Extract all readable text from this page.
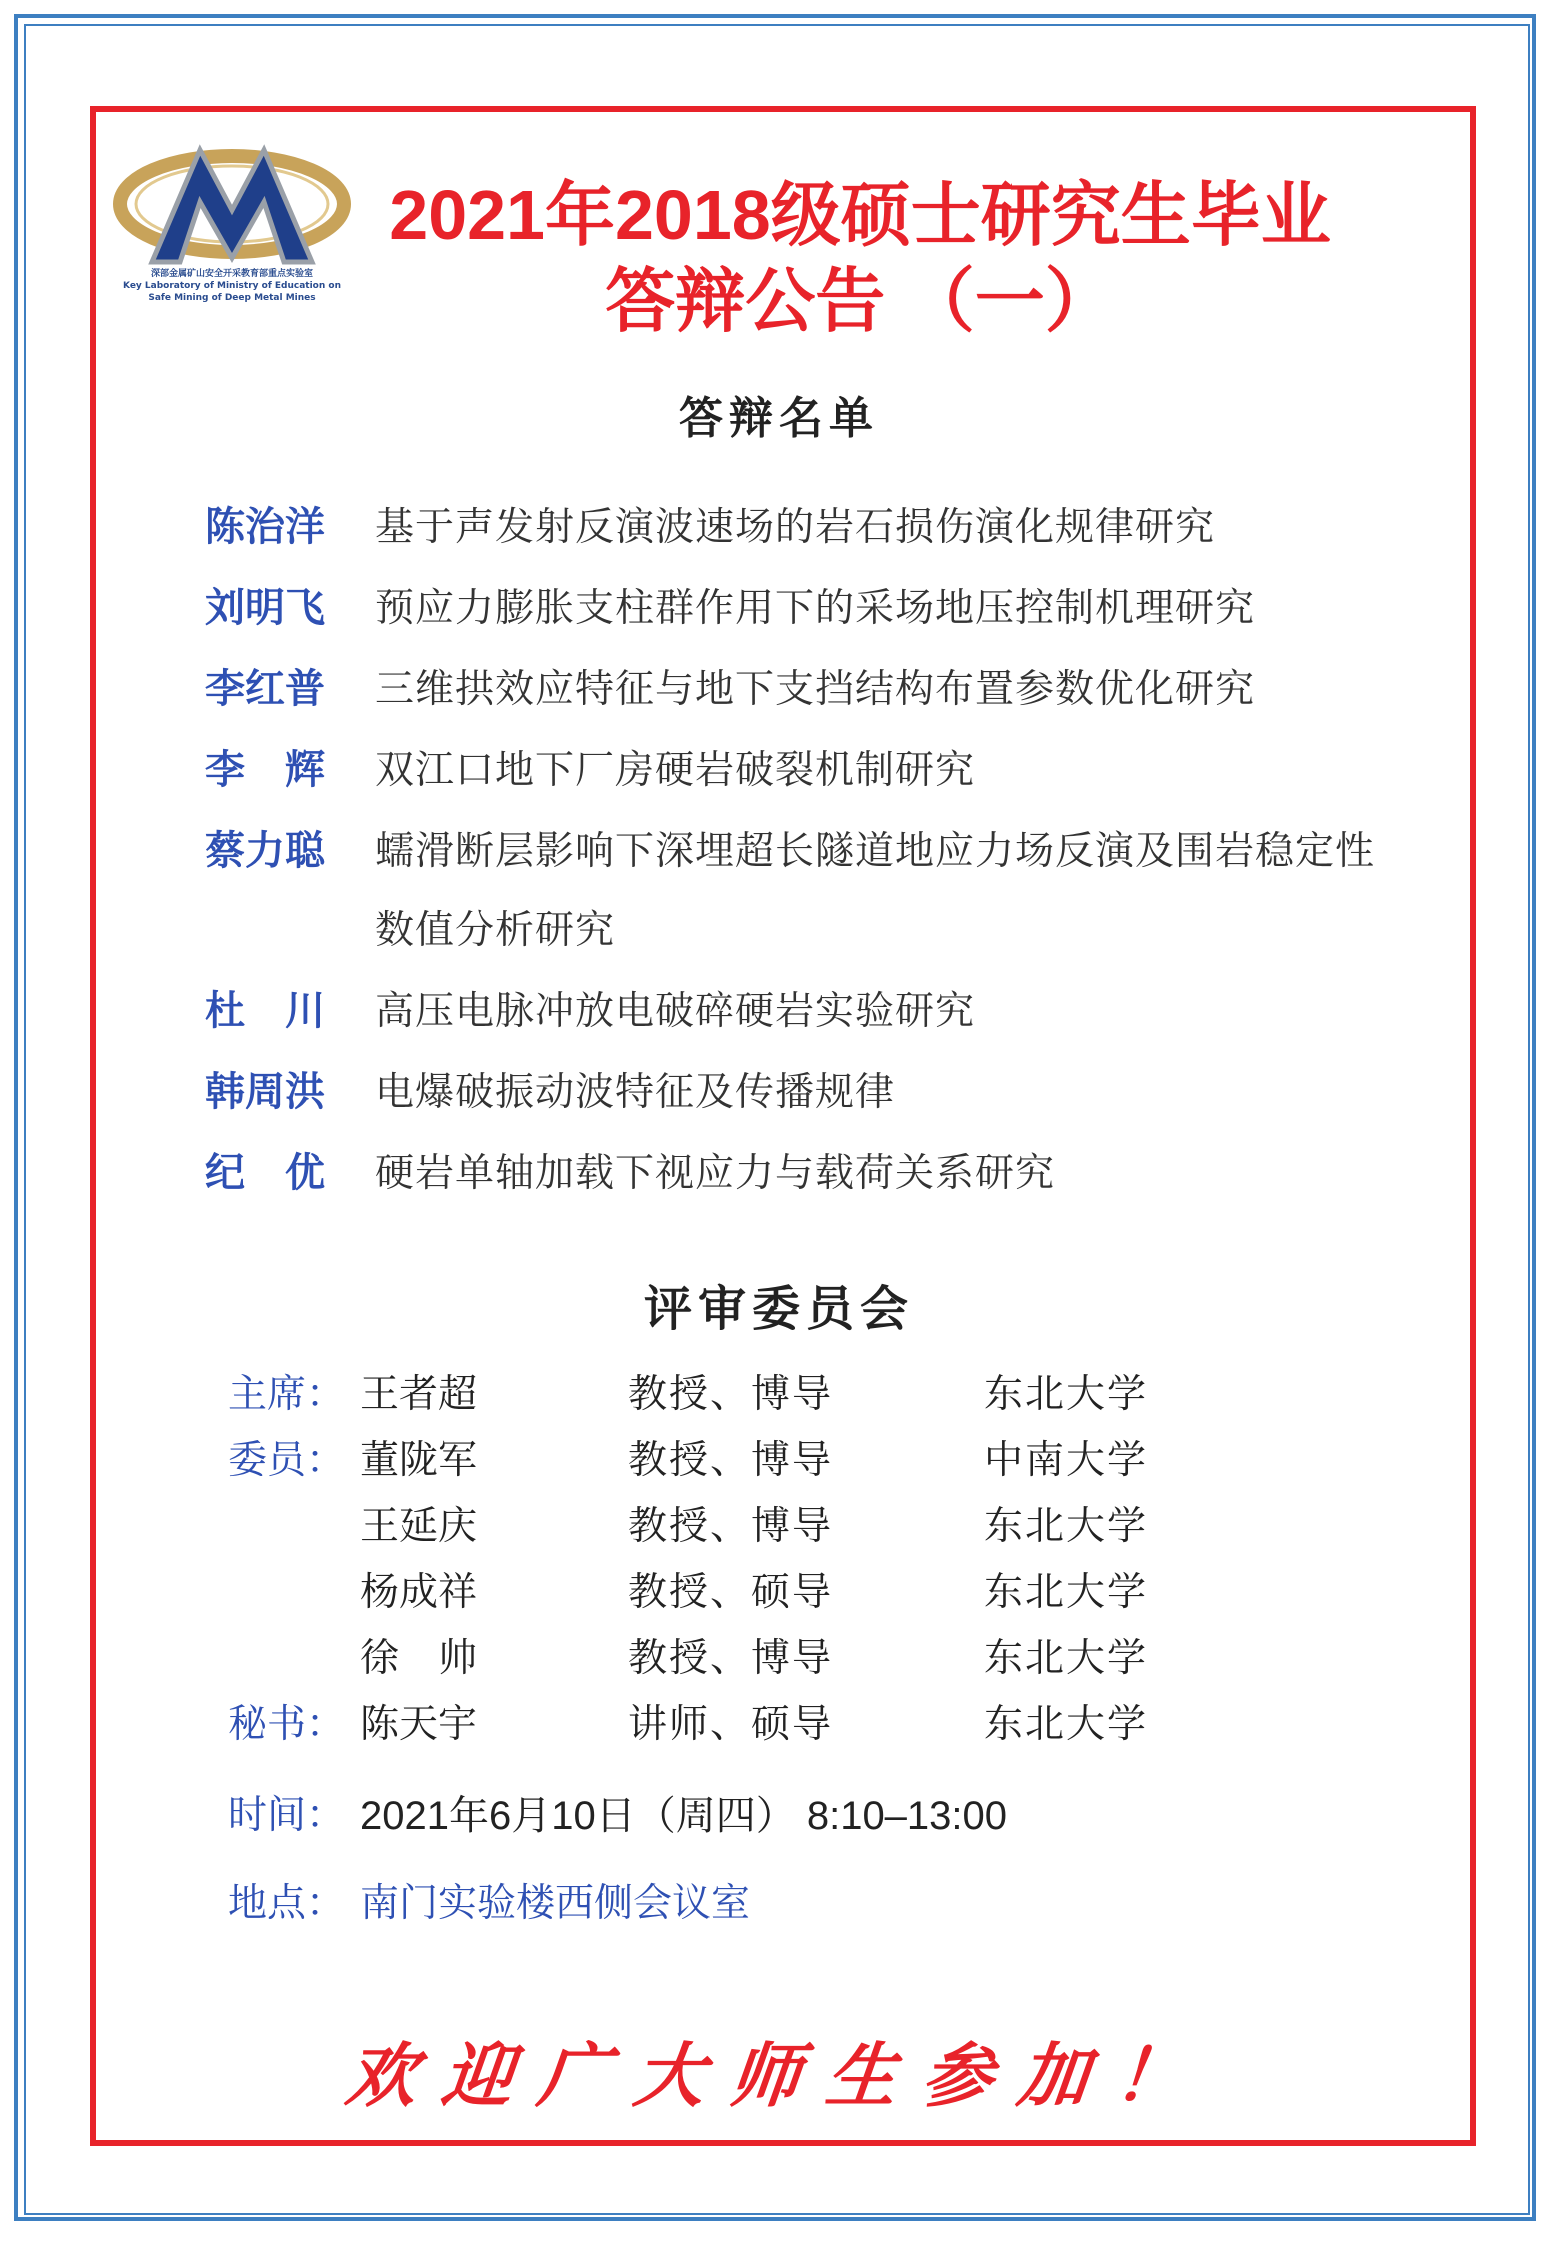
深部金属矿山安全开采教育部重点实验室
Key Laboratory of Ministry of Education on
Safe Mining of Deep Metal Mines
2021年2018级硕士研究生毕业
答辩公告 （一）
答辩名单
陈治洋	基于声发射反演波速场的岩石损伤演化规律研究
刘明飞	预应力膨胀支柱群作用下的采场地压控制机理研究
李红普	三维拱效应特征与地下支挡结构布置参数优化研究
李　辉	双江口地下厂房硬岩破裂机制研究
蔡力聪	蠕滑断层影响下深埋超长隧道地应力场反演及围岩稳定性数值分析研究
杜　川	高压电脉冲放电破碎硬岩实验研究
韩周洪	电爆破振动波特征及传播规律
纪　优	硬岩单轴加载下视应力与载荷关系研究
评审委员会
主席： 王者超	教授、博导	东北大学
委员： 董陇军	教授、博导	中南大学
王延庆	教授、博导	东北大学
杨成祥	教授、硕导	东北大学
徐　帅	教授、博导	东北大学
秘书： 陈天宇	讲师、硕导	东北大学
时间： 2021年6月10日（周四） 8:10–13:00
地点： 南门实验楼西侧会议室
欢迎广大师生参加！
